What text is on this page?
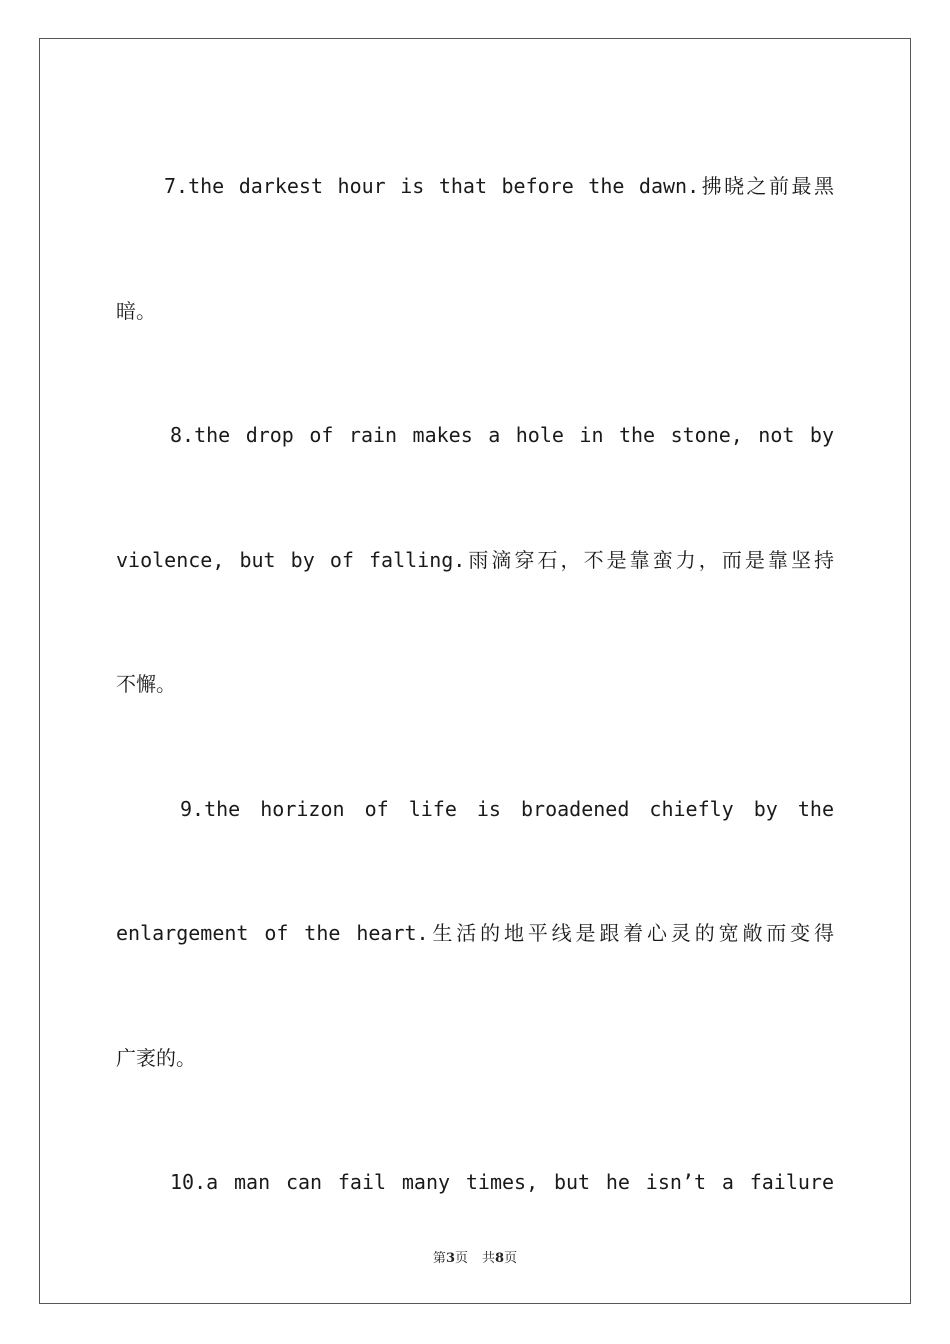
7.the darkest hour is that before the dawn.拂晓之前最黑
暗。
8.the drop of rain makes a hole in the stone, not by
violence, but by of falling.雨滴穿石，不是靠蛮力，而是靠坚持
不懈。
9.the horizon of life is broadened chiefly by the
enlargement of the heart.生活的地平线是跟着心灵的宽敞而变得
广袤的。
10.a man can fail many times, but he isn’t a failure
第3页 共8页
